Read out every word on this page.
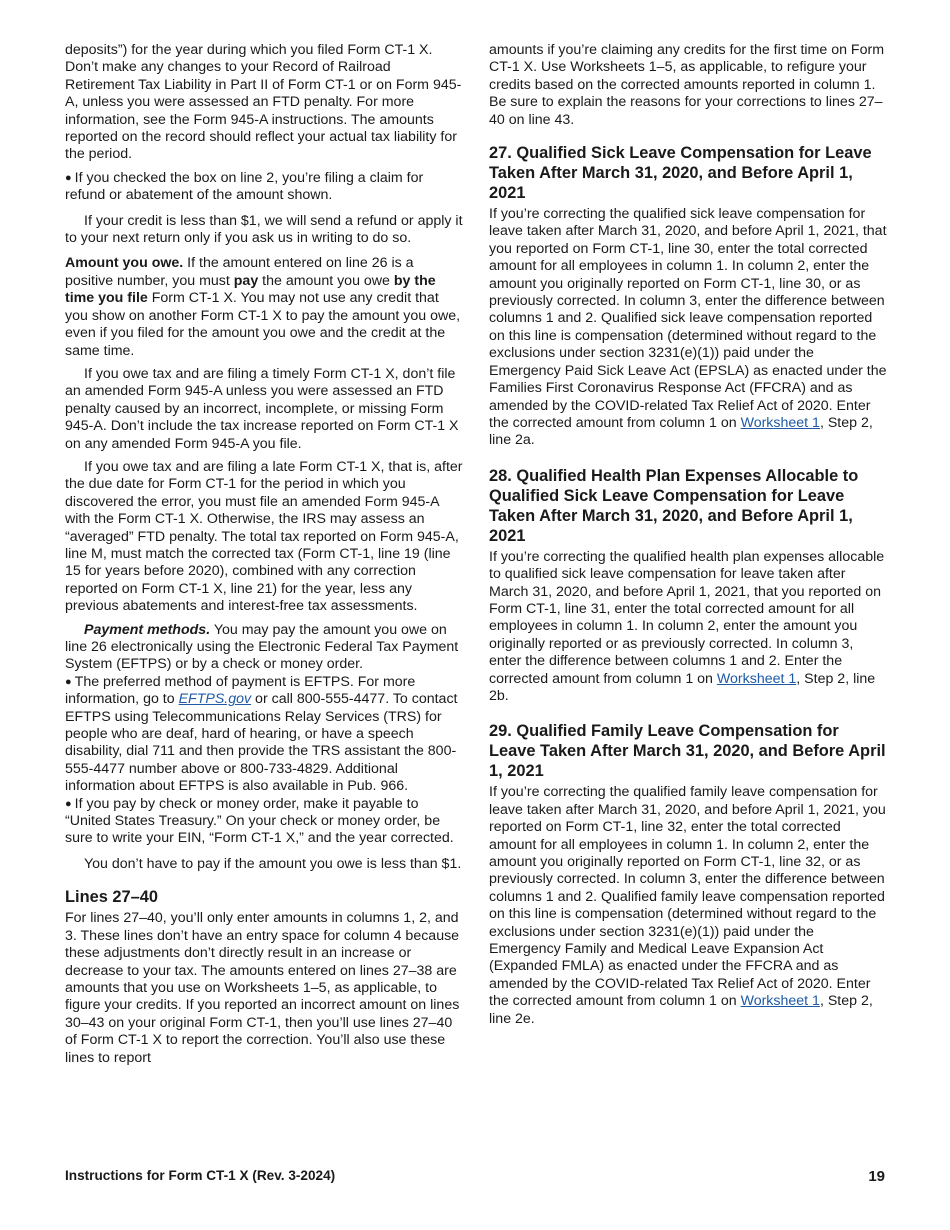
deposits”) for the year during which you filed Form CT-1 X. Don’t make any changes to your Record of Railroad Retirement Tax Liability in Part II of Form CT-1 or on Form 945-A, unless you were assessed an FTD penalty. For more information, see the Form 945-A instructions. The amounts reported on the record should reflect your actual tax liability for the period.

● If you checked the box on line 2, you’re filing a claim for refund or abatement of the amount shown.

If your credit is less than $1, we will send a refund or apply it to your next return only if you ask us in writing to do so.

Amount you owe. If the amount entered on line 26 is a positive number, you must pay the amount you owe by the time you file Form CT-1 X. You may not use any credit that you show on another Form CT-1 X to pay the amount you owe, even if you filed for the amount you owe and the credit at the same time.

If you owe tax and are filing a timely Form CT-1 X, don’t file an amended Form 945-A unless you were assessed an FTD penalty caused by an incorrect, incomplete, or missing Form 945-A. Don’t include the tax increase reported on Form CT-1 X on any amended Form 945-A you file.

If you owe tax and are filing a late Form CT-1 X, that is, after the due date for Form CT-1 for the period in which you discovered the error, you must file an amended Form 945-A with the Form CT-1 X. Otherwise, the IRS may assess an “averaged” FTD penalty. The total tax reported on Form 945-A, line M, must match the corrected tax (Form CT-1, line 19 (line 15 for years before 2020), combined with any correction reported on Form CT-1 X, line 21) for the year, less any previous abatements and interest-free tax assessments.

Payment methods. You may pay the amount you owe on line 26 electronically using the Electronic Federal Tax Payment System (EFTPS) or by a check or money order.

● The preferred method of payment is EFTPS. For more information, go to EFTPS.gov or call 800-555-4477. To contact EFTPS using Telecommunications Relay Services (TRS) for people who are deaf, hard of hearing, or have a speech disability, dial 711 and then provide the TRS assistant the 800-555-4477 number above or 800-733-4829. Additional information about EFTPS is also available in Pub. 966.

● If you pay by check or money order, make it payable to “United States Treasury.” On your check or money order, be sure to write your EIN, “Form CT-1 X,” and the year corrected.

You don’t have to pay if the amount you owe is less than $1.

Lines 27–40

For lines 27–40, you’ll only enter amounts in columns 1, 2, and 3. These lines don’t have an entry space for column 4 because these adjustments don’t directly result in an increase or decrease to your tax. The amounts entered on lines 27–38 are amounts that you use on Worksheets 1–5, as applicable, to figure your credits. If you reported an incorrect amount on lines 30–43 on your original Form CT-1, then you’ll use lines 27–40 of Form CT-1 X to report the correction. You’ll also use these lines to report

amounts if you’re claiming any credits for the first time on Form CT-1 X. Use Worksheets 1–5, as applicable, to refigure your credits based on the corrected amounts reported in column 1. Be sure to explain the reasons for your corrections to lines 27–40 on line 43.

27. Qualified Sick Leave Compensation for Leave Taken After March 31, 2020, and Before April 1, 2021

If you’re correcting the qualified sick leave compensation for leave taken after March 31, 2020, and before April 1, 2021, that you reported on Form CT-1, line 30, enter the total corrected amount for all employees in column 1. In column 2, enter the amount you originally reported on Form CT-1, line 30, or as previously corrected. In column 3, enter the difference between columns 1 and 2. Qualified sick leave compensation reported on this line is compensation (determined without regard to the exclusions under section 3231(e)(1)) paid under the Emergency Paid Sick Leave Act (EPSLA) as enacted under the Families First Coronavirus Response Act (FFCRA) and as amended by the COVID-related Tax Relief Act of 2020. Enter the corrected amount from column 1 on Worksheet 1, Step 2, line 2a.

28. Qualified Health Plan Expenses Allocable to Qualified Sick Leave Compensation for Leave Taken After March 31, 2020, and Before April 1, 2021

If you’re correcting the qualified health plan expenses allocable to qualified sick leave compensation for leave taken after March 31, 2020, and before April 1, 2021, that you reported on Form CT-1, line 31, enter the total corrected amount for all employees in column 1. In column 2, enter the amount you originally reported or as previously corrected. In column 3, enter the difference between columns 1 and 2. Enter the corrected amount from column 1 on Worksheet 1, Step 2, line 2b.

29. Qualified Family Leave Compensation for Leave Taken After March 31, 2020, and Before April 1, 2021

If you’re correcting the qualified family leave compensation for leave taken after March 31, 2020, and before April 1, 2021, you reported on Form CT-1, line 32, enter the total corrected amount for all employees in column 1. In column 2, enter the amount you originally reported on Form CT-1, line 32, or as previously corrected. In column 3, enter the difference between columns 1 and 2. Qualified family leave compensation reported on this line is compensation (determined without regard to the exclusions under section 3231(e)(1)) paid under the Emergency Family and Medical Leave Expansion Act (Expanded FMLA) as enacted under the FFCRA and as amended by the COVID-related Tax Relief Act of 2020. Enter the corrected amount from column 1 on Worksheet 1, Step 2, line 2e.

Instructions for Form CT-1 X (Rev. 3-2024)	19
